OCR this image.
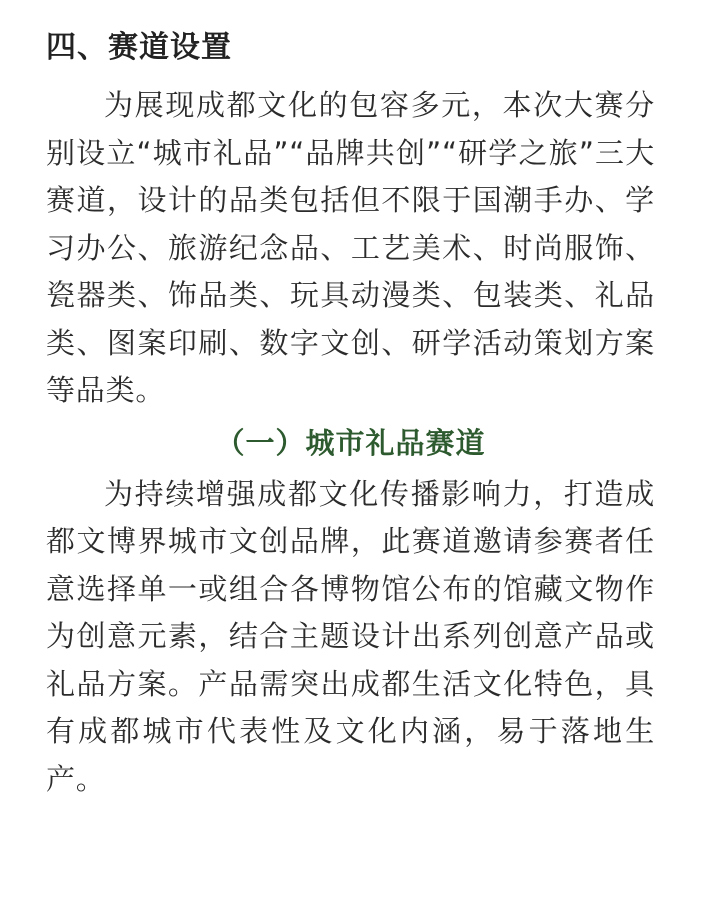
四、赛道设置

为展现成都文化的包容多元，本次大赛分别设立“城市礼品”“品牌共创”“研学之旅”三大赛道，设计的品类包括但不限于国潮手办、学习办公、旅游纪念品、工艺美术、时尚服饰、瓷器类、饰品类、玩具动漫类、包装类、礼品类、图案印刷、数字文创、研学活动策划方案等品类。

（一）城市礼品赛道

为持续增强成都文化传播影响力，打造成都文博界城市文创品牌，此赛道邀请参赛者任意选择单一或组合各博物馆公布的馆藏文物作为创意元素，结合主题设计出系列创意产品或礼品方案。产品需突出成都生活文化特色，具有成都城市代表性及文化内涵，易于落地生产。
